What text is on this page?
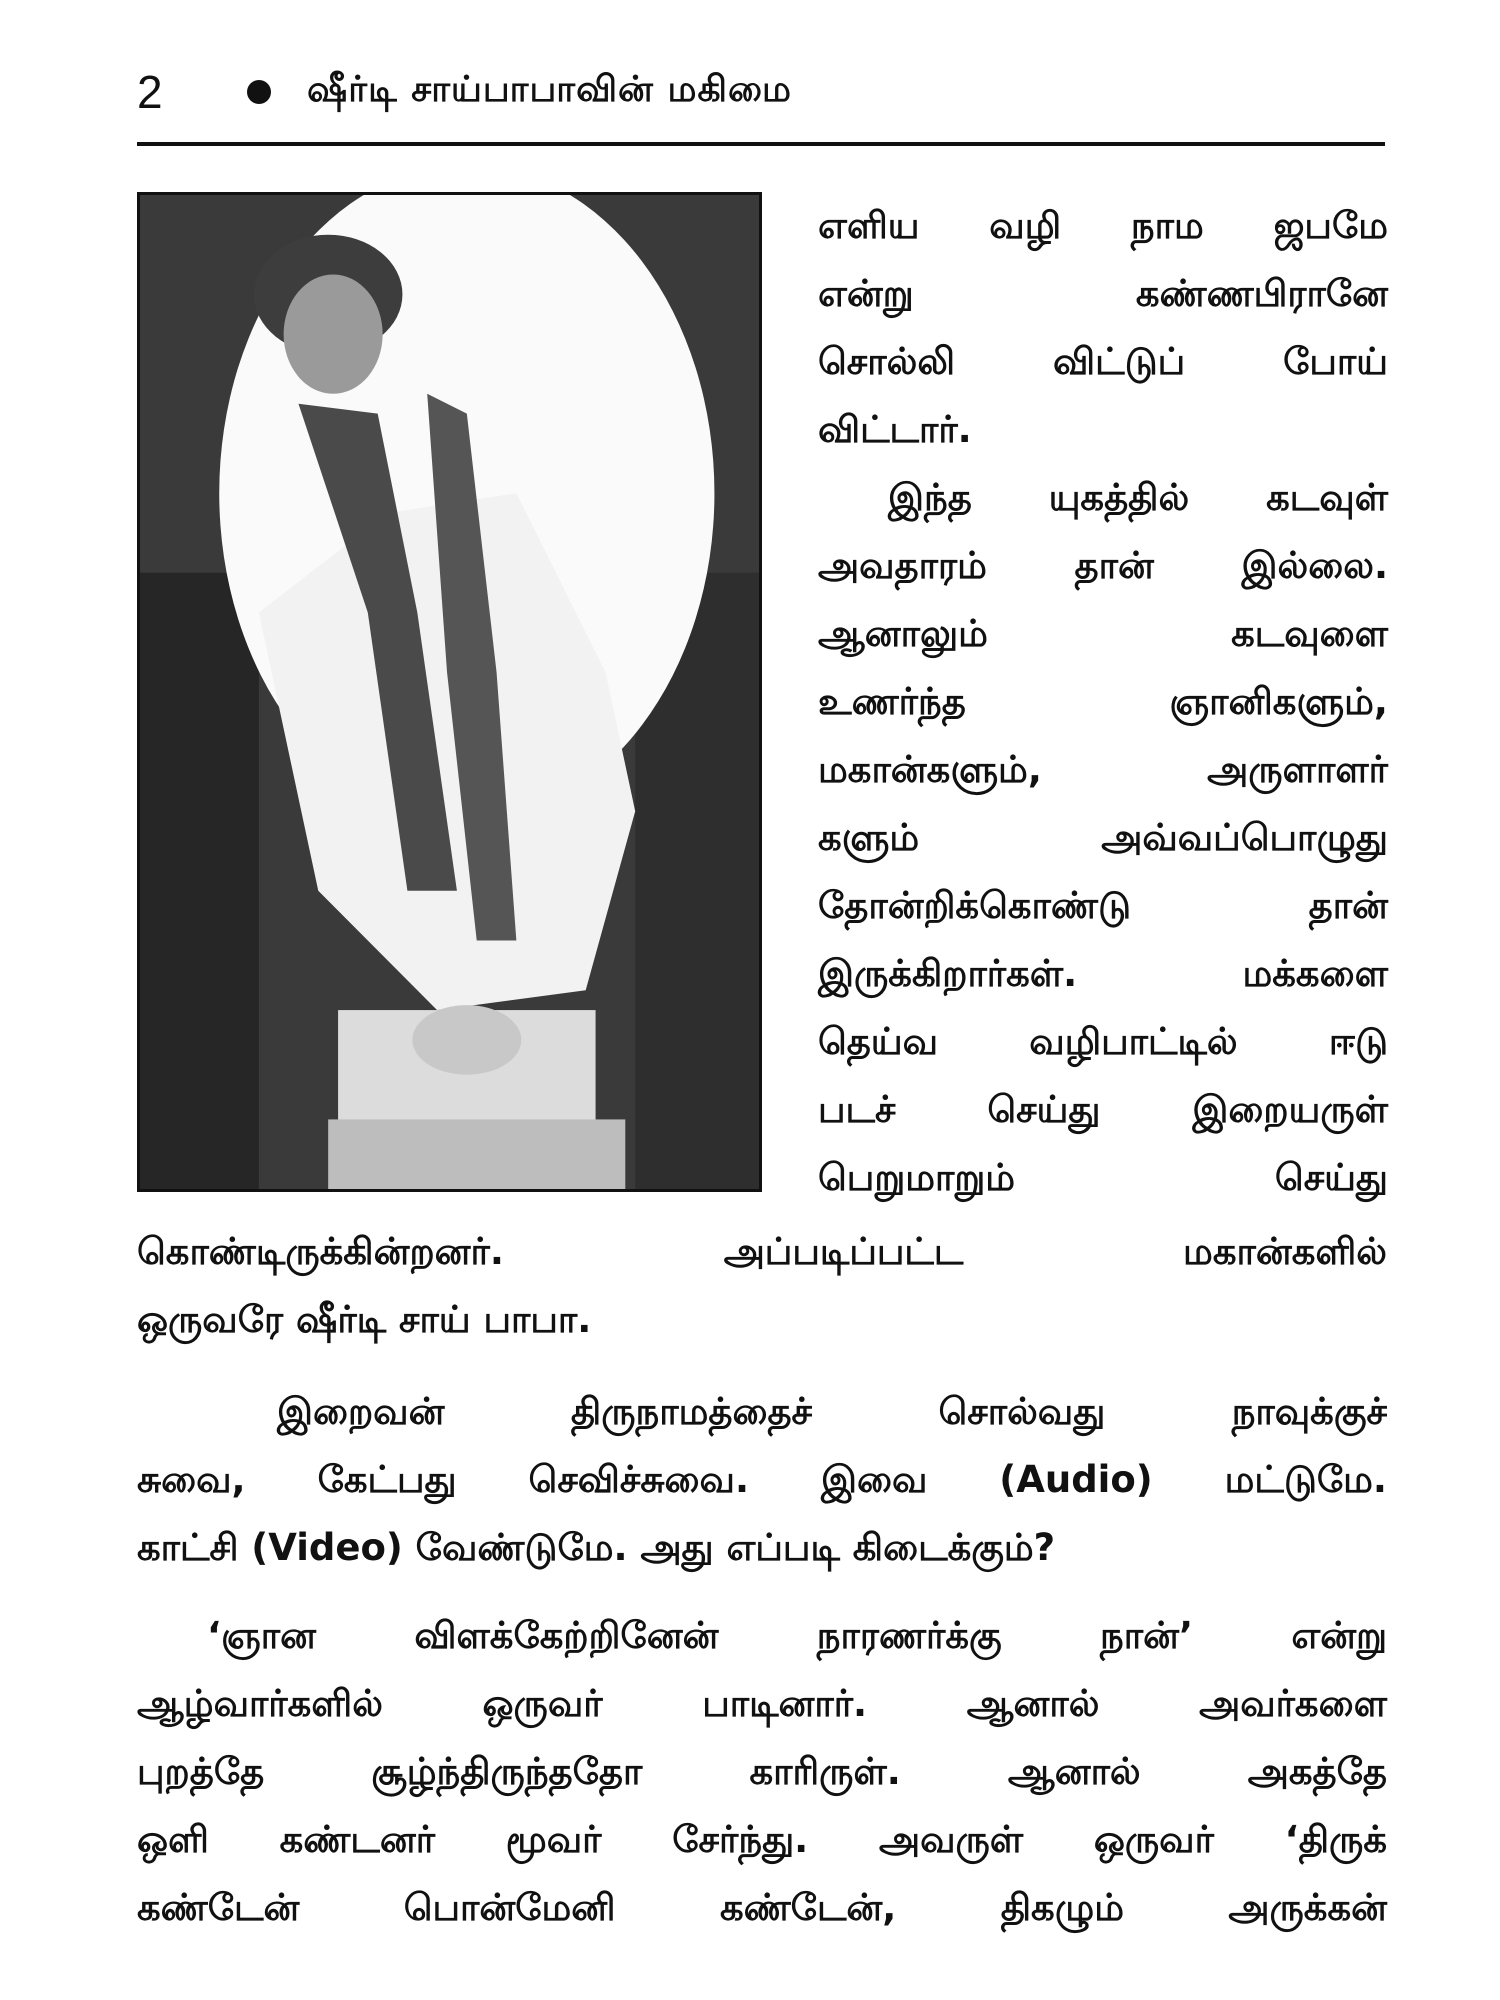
2	ஷீர்டி சாய்பாபாவின் மகிமை
எளிய வழி நாம ஜபமே
என்று கண்ணபிரானே
சொல்லி விட்டுப் போய்
விட்டார்.
இந்த யுகத்தில் கடவுள்
அவதாரம் தான் இல்லை.
ஆனாலும் கடவுளை
உணர்ந்த ஞானிகளும்,
மகான்களும், அருளாளர்
களும் அவ்வப்பொழுது
தோன்றிக்கொண்டு தான்
இருக்கிறார்கள். மக்களை
தெய்வ வழிபாட்டில் ஈடு
படச் செய்து இறையருள்
பெறுமாறும் செய்து
கொண்டிருக்கின்றனர். அப்படிப்பட்ட மகான்களில்
ஒருவரே ஷீர்டி சாய் பாபா.
இறைவன் திருநாமத்தைச் சொல்வது நாவுக்குச்
சுவை, கேட்பது செவிச்சுவை. இவை (Audio) மட்டுமே.
காட்சி (Video) வேண்டுமே. அது எப்படி கிடைக்கும்?
‘ஞான விளக்கேற்றினேன் நாரணர்க்கு நான்’ என்று
ஆழ்வார்களில் ஒருவர் பாடினார். ஆனால் அவர்களை
புறத்தே சூழ்ந்திருந்ததோ காரிருள். ஆனால் அகத்தே
ஒளி கண்டனர் மூவர் சேர்ந்து. அவருள் ஒருவர் ‘திருக்
கண்டேன் பொன்மேனி கண்டேன், திகழும் அருக்கன்
